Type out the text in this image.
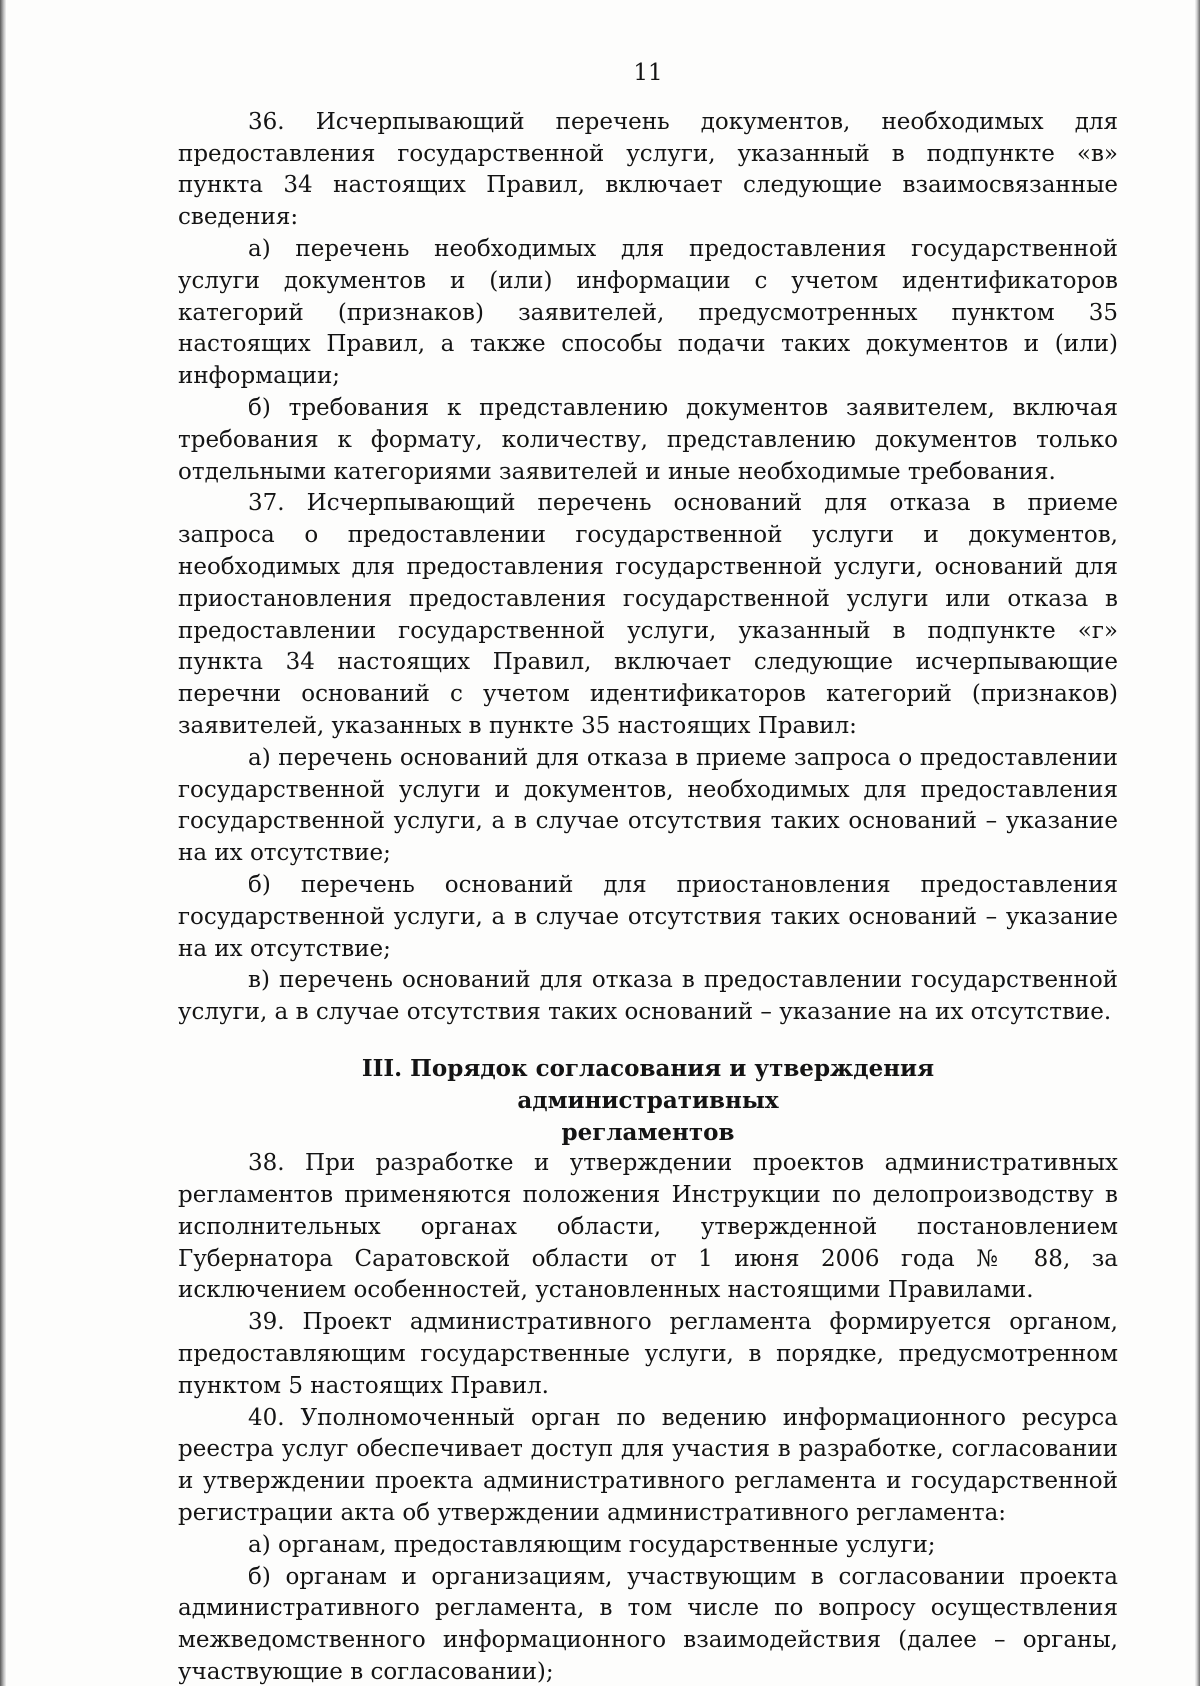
11

36. Исчерпывающий перечень документов, необходимых для предоставления государственной услуги, указанный в подпункте «в» пункта 34 настоящих Правил, включает следующие взаимосвязанные сведения:

а) перечень необходимых для предоставления государственной услуги документов и (или) информации с учетом идентификаторов категорий (признаков) заявителей, предусмотренных пунктом 35 настоящих Правил, а также способы подачи таких документов и (или) информации;

б) требования к представлению документов заявителем, включая требования к формату, количеству, представлению документов только отдельными категориями заявителей и иные необходимые требования.

37. Исчерпывающий перечень оснований для отказа в приеме запроса о предоставлении государственной услуги и документов, необходимых для предоставления государственной услуги, оснований для приостановления предоставления государственной услуги или отказа в предоставлении государственной услуги, указанный в подпункте «г» пункта 34 настоящих Правил, включает следующие исчерпывающие перечни оснований с учетом идентификаторов категорий (признаков) заявителей, указанных в пункте 35 настоящих Правил:

а) перечень оснований для отказа в приеме запроса о предоставлении государственной услуги и документов, необходимых для предоставления государственной услуги, а в случае отсутствия таких оснований – указание на их отсутствие;

б) перечень оснований для приостановления предоставления государственной услуги, а в случае отсутствия таких оснований – указание на их отсутствие;

в) перечень оснований для отказа в предоставлении государственной услуги, а в случае отсутствия таких оснований – указание на их отсутствие.

III. Порядок согласования и утверждения административных
регламентов

38. При разработке и утверждении проектов административных регламентов применяются положения Инструкции по делопроизводству в исполнительных органах области, утвержденной постановлением Губернатора Саратовской области от 1 июня 2006 года № 88, за исключением особенностей, установленных настоящими Правилами.

39. Проект административного регламента формируется органом, предоставляющим государственные услуги, в порядке, предусмотренном пунктом 5 настоящих Правил.

40. Уполномоченный орган по ведению информационного ресурса реестра услуг обеспечивает доступ для участия в разработке, согласовании и утверждении проекта административного регламента и государственной регистрации акта об утверждении административного регламента:

а) органам, предоставляющим государственные услуги;

б) органам и организациям, участвующим в согласовании проекта административного регламента, в том числе по вопросу осуществления межведомственного информационного взаимодействия (далее – органы, участвующие в согласовании);
